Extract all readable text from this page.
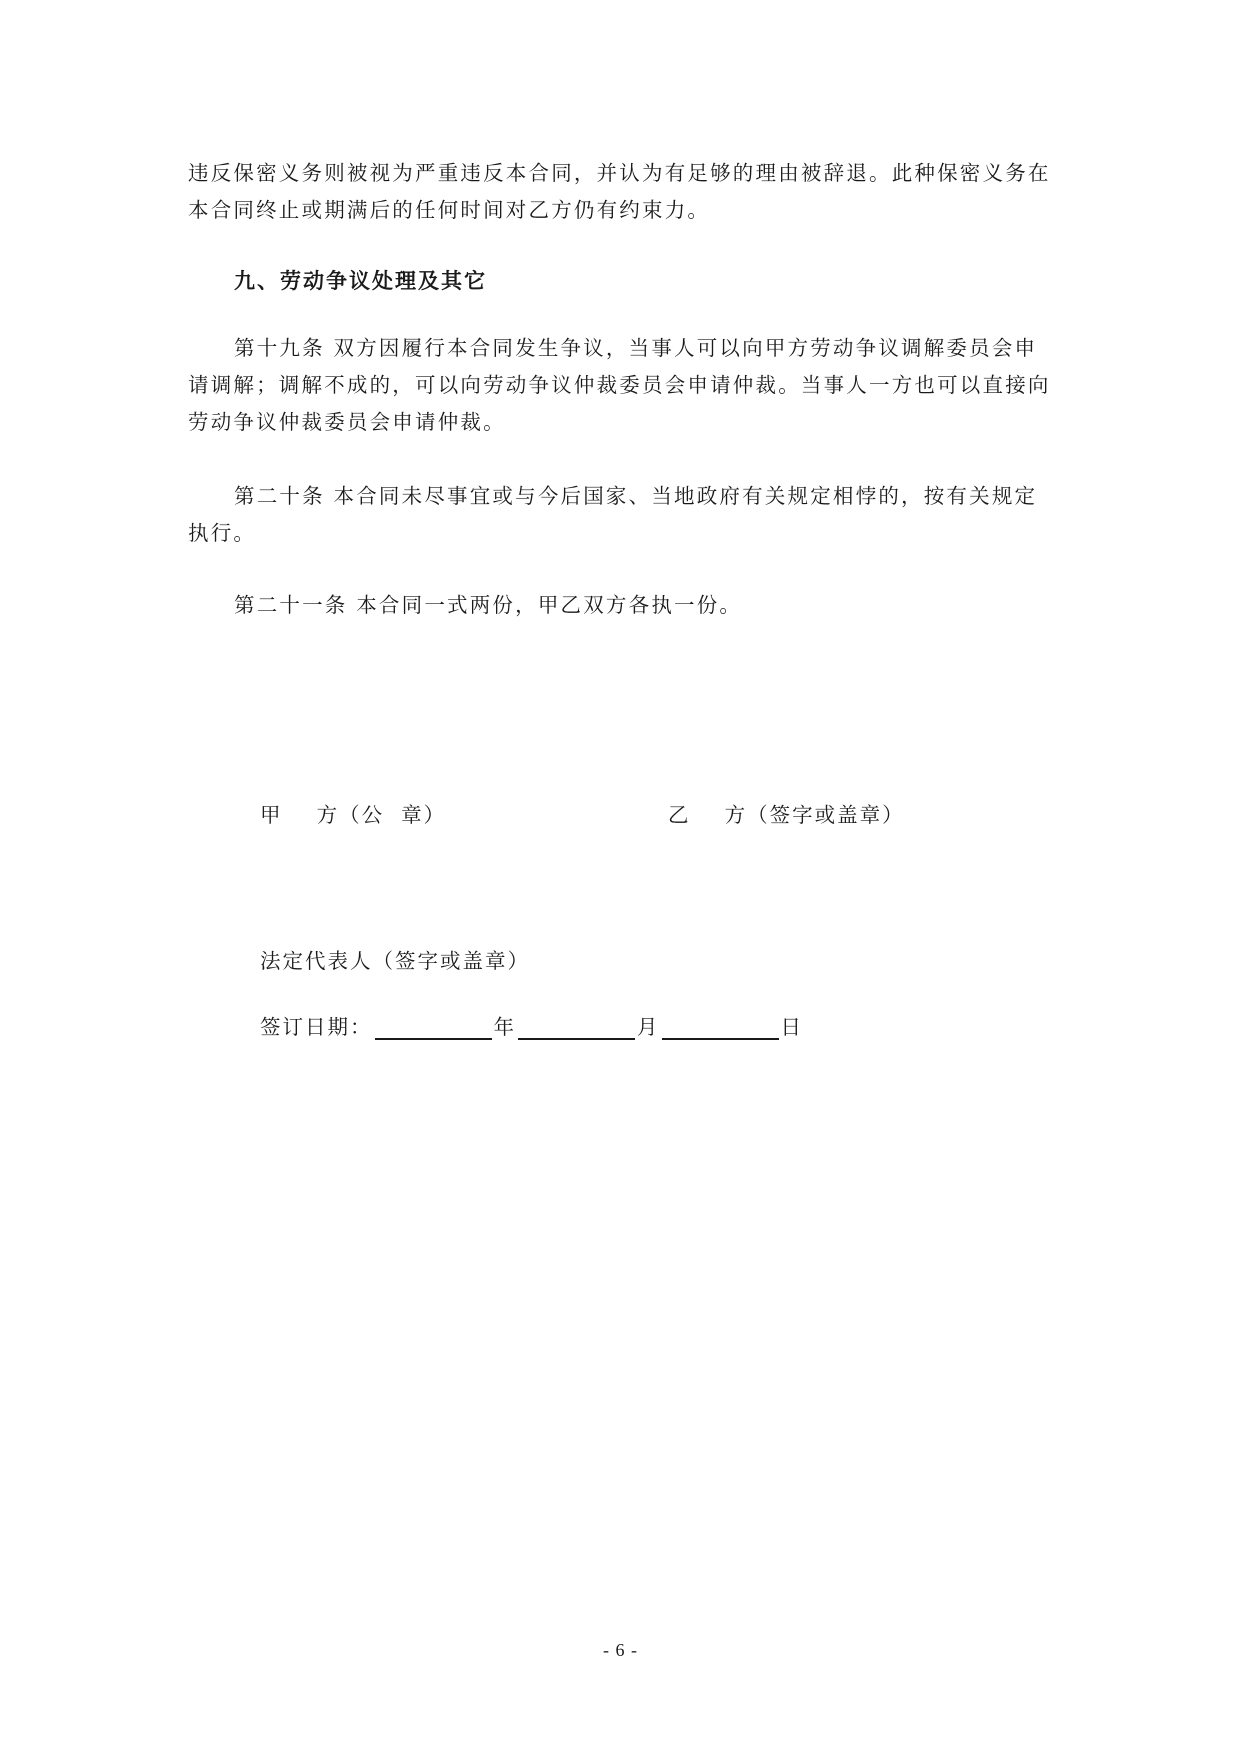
违反保密义务则被视为严重违反本合同，并认为有足够的理由被辞退。此种保密义务在本合同终止或期满后的任何时间对乙方仍有约束力。

九、劳动争议处理及其它

第十九条 双方因履行本合同发生争议，当事人可以向甲方劳动争议调解委员会申请调解；调解不成的，可以向劳动争议仲裁委员会申请仲裁。当事人一方也可以直接向劳动争议仲裁委员会申请仲裁。

第二十条 本合同未尽事宜或与今后国家、当地政府有关规定相悖的，按有关规定执行。

第二十一条 本合同一式两份，甲乙双方各执一份。

甲    方（公  章）	乙    方（签字或盖章）
法定代表人（签字或盖章）
签订日期：	年	月	日
- 6 -
